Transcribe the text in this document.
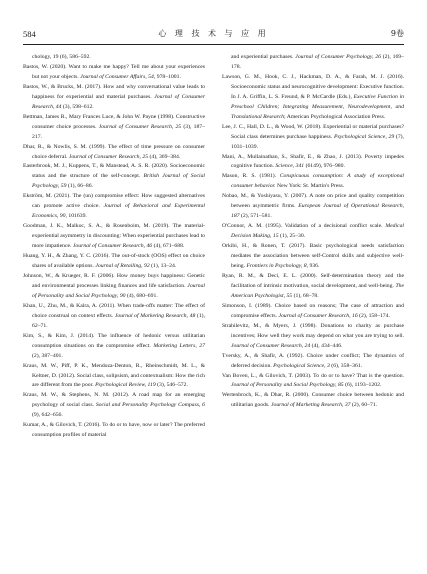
584	心 理 技 术 与 应 用	9卷

chology, 19 (6), 586–592.

Bastos, W. (2020). Want to make me happy? Tell me about your experiences but not your objects. Journal of Consumer Affairs, 54, 978–1001.

Bastos, W., & Brucks, M. (2017). How and why conversational value leads to happiness for experiential and material purchases. Journal of Consumer Research, 44 (3), 598–612.

Bettman, James R., Mary Frances Luce, & John W. Payne (1998). Constructive consumer choice processes. Journal of Consumer Research, 25 (3), 187–217.

Dhar, R., & Nowlis, S. M. (1999). The effect of time pressure on consumer choice deferral. Journal of Consumer Research, 25 (4), 369–384.

Easterbrook, M. J., Kuppens, T., & Manstead, A. S. R. (2020). Socioeconomic status and the structure of the self-concept. British Journal of Social Psychology, 59 (1), 66–86.

Ekström, M. (2021). The (un) compromise effect: How suggested alternatives can promote active choice. Journal of Behavioral and Experimental Economics, 90, 101639.

Goodman, J. K., Malkoc, S. A., & Rosenboim, M. (2019). The material-experiential asymmetry in discounting: When experiential purchases lead to more impatience. Journal of Consumer Research, 46 (4), 671–688.

Huang, Y. H., & Zhang, Y. C. (2016). The out-of-stock (OOS) effect on choice shares of available options. Journal of Retailing, 92 (1), 13–24.

Johnson, W., & Krueger, R. F. (2006). How money buys happiness: Genetic and environmental processes linking finances and life satisfaction. Journal of Personality and Social Psychology, 90 (4), 680–691.

Khan, U., Zhu, M., & Kalra, A. (2011). When trade-offs matter: The effect of choice construal on context effects. Journal of Marketing Research, 48 (1), 62–71.

Kim, S., & Kim, J. (2014). The influence of hedonic versus utilitarian consumption situations on the compromise effect. Marketing Letters, 27 (2), 387–401.

Kraus, M. W., Piff, P. K., Mendoza-Denton, R., Rheinschmidt, M. L., & Keltner, D. (2012). Social class, solipsism, and contextualism: How the rich are different from the poor. Psychological Review, 119 (3), 546–572.

Kraus, M. W., & Stephens, N. M. (2012). A road map for an emerging psychology of social class. Social and Personality Psychology Compass, 6 (9), 642–656.

Kumar, A., & Gilovich, T. (2016). To do or to have, now or later? The preferred consumption profiles of material

and experiential purchases. Journal of Consumer Psychology, 26 (2), 169–178.

Lawson, G. M., Hook, C. J., Hackman, D. A., & Farah, M. J. (2016). Socioeconomic status and neurocognitive development: Executive function. In J. A. Griffin, L. S. Freund, & P. McCardle (Eds.), Executive Function in Preschool Children; Integrating Measurement, Neurodevelopment, and Translational Research; American Psychological Association Press.

Lee, J. C., Hall, D. L., & Wood, W. (2018). Experiential or material purchases? Social class determines purchase happiness. Psychological Science, 29 (7), 1031–1039.

Mani, A., Mullainathan, S., Shafir, E., & Zhao, J. (2013). Poverty impedes cognitive function. Science, 341 (6149), 976–980.

Mason, R. S. (1981). Conspicuous consumption: A study of exceptional consumer behavior. New York: St. Martin's Press.

Nobao, M., & Yoshiyasu, Y. (2007). A note on price and quality competition between asymmetric firms. European Journal of Operational Research, 187 (2), 571–581.

O'Connor, A. M. (1995). Validation of a decisional conflict scale. Medical Decision Making, 15 (1), 25–30.

Orkibi, H., & Ronen, T. (2017). Basic psychological needs satisfaction mediates the association between self-Control skills and subjective well-being. Frontiers in Psychology, 8, 936.

Ryan, R. M., & Deci, E. L. (2000). Self-determination theory and the facilitation of intrinsic motivation, social development, and well-being. The American Psychologist, 55 (1), 68–78.

Simonson, I. (1989). Choice based on reasons; The case of attraction and compromise effects. Journal of Consumer Research, 16 (2), 158–174.

Strahilevitz, M., & Myers, J. (1998). Donations to charity as purchase incentives; How well they work may depend on what you are trying to sell. Journal of Consumer Research, 24 (4), 434–446.

Tversky, A., & Shafir, A. (1992). Choice under conflict; The dynamics of deferred decision. Psychological Science, 3 (6), 358–361.

Van Boven, L., & Gilovich, T. (2003). To do or to have? That is the question. Journal of Personality and Social Psychology, 85 (6), 1193–1202.

Wertenbroch, K., & Dhar, R. (2000). Consumer choice between hedonic and utilitarian goods. Journal of Marketing Research, 37 (2), 60–71.
